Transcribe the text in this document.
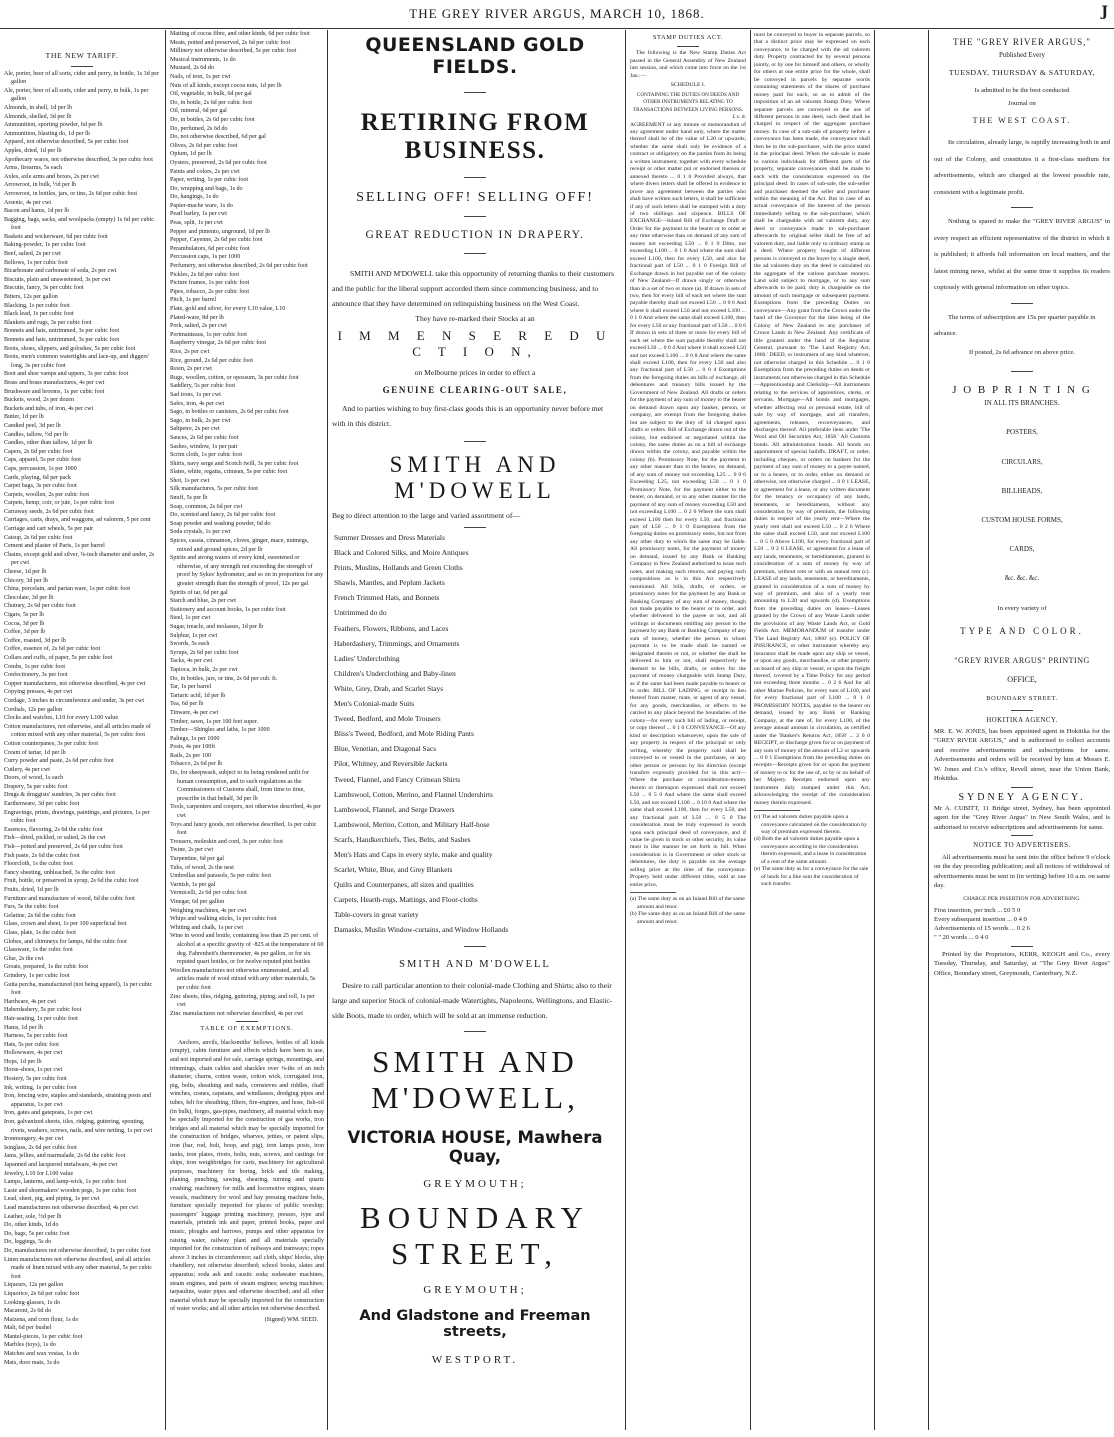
THE GREY RIVER ARGUS, MARCH 10, 1868.	J
THE NEW TARIFF.

Ale, porter, beer of all sorts, cider and perry, in bottle, 1s 3d per gallon

Ale, porter, beer of all sorts, cider and perry, in bulk, 1s per gallon

Almonds, in shell, 1d per lb

Almonds, shelled, 3d per lb

Ammunition, sporting powder, 6d per lb

Ammunition, blasting do, 1d per lb

Apparel, not otherwise described, 5s per cubic foot

Apples, dried, 1d per lb

Apothecary wares, not otherwise described, 3s per cubic foot

Arms, firearms, 5s each

Axles, axle arms and boxes, 2s per cwt

Arrowroot, in bulk, ½d per lb

Arrowroot, in bottles, jars, or tins, 2s 6d per cubic foot

Arsenic, 4s per cwt

Bacon and hams, 1d per lb

Bagging, bags, sacks, and woolpacks (empty) 1s 6d per cubic foot

Baskets and wickerware, 6d per cubic foot

Baking-powder, 1s per cubic foot

Beef, salted, 2s per cwt

Bellows, 1s per cubic foot

Bicarbonate and carbonate of soda, 2s per cwt

Biscuits, plain and unsweetened, 3s per cwt

Biscuits, fancy, 3s per cubic foot

Bitters, 12s per gallon

Blacking, 1s per cubic foot

Black lead, 1s per cubic foot

Blankets and rugs, 3s per cubic foot

Bonnets and hats, untrimmed, 3s per cubic foot

Bonnets and hats, untrimmed, 3s per cubic foot

Boots, shoes, slippers, and goloshes, 5s per cubic foot

Boots, men's common watertights and lace-up, and diggers' long, 3s per cubic foot

Boot and shoe vamps and uppers, 3s per cubic foot

Brass and brass manufactures, 4s per cwt

Brushware and brooms, 1s per cubic foot

Buckets, wood, 2s per dozen

Buckets and tubs, of iron, 4s per cwt

Butter, 1d per lb

Candied peel, 3d per lb

Candles, tallow, ½d per lb

Candles, other than tallow, 1d per lb

Capers, 2s 6d per cubic foot

Caps, apparel, 5s per cubic foot

Caps, percussion, 1s per 1000

Cards, playing, 6d per pack

Carpet bags, 3s per cubic foot

Carpets, woollen, 2s per cubic foot

Carpets, hemp, coir, or jute, 1s per cubic foot

Carraway seeds, 2s 6d per cubic foot

Carriages, carts, drays, and waggons, ad valorem, 5 per cent

Carriage and cart wheels, 5s per pair

Catsup, 2s 6d per cubic foot

Cement and plaster of Paris, 1s per barrel

Chains, except gold and silver, ⅜-inch diameter and under, 2s per cwt

Cheese, 1d per lb

Chicory, 3d per lb

China, porcelain, and parian ware, 1s per cubic foot

Chocolate, 3d per lb

Chutney, 2s 6d per cubic foot

Cigars, 5s per lb

Cocoa, 3d per lb

Coffee, 3d per lb

Coffee, roasted, 3d per lb

Coffee, essence of, 2s 6d per cubic foot

Collars and cuffs, of paper, 5s per cubic foot

Combs, 1s per cubic foot

Confectionery, 3s per foot

Copper manufactures, not otherwise described, 4s per cwt

Copying presses, 4s per cwt

Cordage, 3 inches in circumference and under, 3s per cwt

Cordials, 12s per gallon

Clocks and watches, L10 for every L100 value

Cotton manufactures, not otherwise, and all articles made of cotton mixed with any other material, 5s per cubic foot

Cotton counterpanes, 3s per cubic foot

Cream of tartar, 1d per lb

Curry powder and paste, 2s 6d per cubic foot

Cutlery, 4s per cwt

Doors, of wood, 1s each

Drapery, 5s per cubic foot

Drugs & druggists' sundries, 3s per cubic foot

Earthenware, 3d per cubic foot

Engravings, prints, drawings, paintings, and pictures, 1s per cubic foot

Essences, flavoring, 2s 6d the cubic foot

Fish—dried, pickled, or salted, 2s the cwt

Fish—potted and preserved, 2s 6d per cubic foot

Fish paste, 2s 6d the cubic foot

Floorcloth, 1s the cubic foot

Fancy sheeting, unbleached, 3s the cubic foot

Fruit, bottle, or preserved in syrup, 2s 6d the cubic foot

Fruits, dried, 1d per lb

Furniture and manufacture of wood, 6d the cubic foot

Furs, 5s the cubic foot

Gelatine, 2s 6d the cubic foot

Glass, crown and sheet, 1s per 100 superficial feet

Glass, plate, 1s the cubic foot

Globes, and chimneys for lamps, 6d the cubic foot

Glassware, 1s the cubic foot

Glue, 2s the cwt

Groats, prepared, 1s the cubic foot

Grindery, 1s per cubic foot

Gutta percha, manufactured (not being apparel), 1s per cubic foot

Hardware, 4s per cwt

Haberdashery, 5s per cubic foot

Hair-seating, 1s per cubic foot

Hams, 1d per lb

Harness, 5s per cubic foot

Hats, 5s per cubic foot

Hollowware, 4s per cwt

Hops, 1d per lb

Horse-shoes, 1s per cwt

Hosiery, 5s per cubic foot

Ink, writing, 1s per cubic foot

Iron, fencing wire, staples and standards, straining posts and apparatus, 1s per cwt

Iron, gates and gateposts, 1s per cwt

Iron, galvanized sheets, tiles, ridging, guttering, spouting, rivets, washers, screws, nails, and wire netting, 1s per cwt

Ironmongery, 4s per cwt

Isinglass, 2s 6d per cubic foot

Jams, jellies, and marmalade, 2s 6d the cubic foot

Japanned and lacquered metalware, 4s per cwt

Jewelry, L10 for L100 value

Lamps, lanterns, and lamp-wick, 1s per cubic foot

Laste and shoemakers' wooden pegs, 1s per cubic foot

Lead, sheet, pig, and piping, 1s per cwt

Lead manufactures not otherwise described, 4s per cwt

Leather, sole, ½d per lb

Do, other kinds, 1d do

Do, bags, 5s per cubic foot

Do, leggings, 5s do

Do, manufactures not otherwise described, 1s per cubic foot

Linen manufactures not otherwise described, and all articles made of linen mixed with any other material, 5s per cubic foot

Liqueurs, 12s per gallon

Liquorice, 2s 6d per cubic foot

Looking-glasses, 1s do

Macaroni, 2s 6d do

Maizena, and corn flour, 1s do

Malt, 6d per bushel

Mantel-pieces, 1s per cubic foot

Marbles (toys), 1s do

Matches and wax vestas, 1s do

Mats, door mats, 1s do

Matting of cocoa fibre, and other kinds, 6d per cubic foot

Meats, potted and preserved, 2s 6d per cubic foot

Millinery not otherwise described, 5s per cubic foot

Musical instruments, 1s do

Mustard, 2s 6d do

Nails, of iron, 1s per cwt

Nuts of all kinds, except cocoa nuts, 1d per lb

Oil, vegetable, in bulk, 6d per gal

Do, in bottle, 2s 6d per cubic foot

Oil, mineral, 6d per gal

Do, in bottles, 2s 6d per cubic foot

Do, perfumed, 2s 6d do

Do, not otherwise described, 6d per gal

Olives, 2s 6d per cubic foot

Opium, 1d per lb

Oysters, preserved, 2s 6d per cubic foot

Paints and colors, 2s per cwt

Paper, writing, 1s per cubic foot

Do, wrapping and bags, 1s do

Do, hangings, 1s do

Papier-mache ware, 1s do

Pearl barley, 1s per cwt

Peas, split, 1s per cwt

Pepper and pimento, unground, 1d per lb

Pepper, Cayenne, 2s 6d per cubic foot

Perambulators, 6d per cubic foot

Percussion caps, 1s per 1000

Perfumery, not otherwise described, 2s 6d per cubic foot

Pickles, 2s 6d per cubic foot

Picture frames, 1s per cubic foot

Pipes, tobacco, 2s per cubic foot

Pitch, 1s per barrel

Plate, gold and silver, for every L10 value, L10

Plated-ware, 8d per lb

Pork, salted, 2s per cwt

Portmanteaus, 1s per cubic foot

Raspberry vinegar, 2s 6d per cubic foot

Rice, 2s per cwt

Rice, ground, 2s 6d per cubic foot

Resin, 2s per cwt

Rugs, woollen, cotton, or opossum, 3s per cubic foot

Saddlery, 5s per cubic foot

Sad irons, 1s per cwt

Safes, iron, 4s per cwt

Sago, in bottles or canisters, 2s 6d per cubic foot

Sago, in bulk, 2s per cwt

Saltpetre, 2s per cwt

Sauces, 2s 6d per cubic foot

Sashes, window, 1s per pair

Scrim cloth, 1s per cubic foot

Shirts, navy serge and Scotch twill, 3s per cubic foot

Slates, white, regatta, crimean, 5s per cubic foot

Shot, 1s per cwt

Silk manufactures, 5s per cubic foot

Snuff, 5s per lb

Soap, common, 2s 6d per cwt

Do, scented and fancy, 2s 6d per cubic foot

Soap powder and washing powder, 6d do

Soda crystals, 1s per cwt

Spices, cassia, cinnamon, cloves, ginger, mace, nutmegs, mixed and ground spices, 2d per lb

Spirits and strong waters of every kind, sweetened or otherwise, of any strength not exceeding the strength of proof by Sykes' hydrometer, and so on in proportion for any greater strength than the strength of proof, 12s per gal

Spirits of tar, 6d per gal

Starch and blue, 2s per cwt

Stationery and account books, 1s per cubic foot

Steel, 1s per cwt

Sugar, treacle, and molasses, 1d per lb

Sulphur, 1s per cwt

Swords, 5s each

Syrups, 2s 6d per cubic foot

Tacks, 4s per cwt

Tapioca, in bulk, 2s per cwt

Do, in bottles, jars, or tins, 2s 6d per cub. ft.

Tar, 1s per barrel

Tartaric acid, 1d per lb

Tea, 6d per lb

Tinware, 4s per cwt

Timber, sawn, 1s per 100 feet super.

Timber—Shingles and laths, 1s per 1000

Palings, 1s per 1000

Posts, 4s per 100ft

Rails, 2s per 100

Tobacco, 2s 6d per lb

Do, for sheepwash, subject to its being rendered unfit for human consumption, and to such regulations as the Commissioners of Customs shall, from time to time, prescribe in that behalf, 3d per lb

Tools, carpenters and coopers, not otherwise described, 4s per cwt

Toys and fancy goods, not otherwise described, 1s per cubic foot

Trousers, moleskin and cord, 3s per cubic foot

Twine, 2s per cwt

Turpentine, 6d per gal

Tubs, of wood, 2s the nest

Umbrellas and parasols, 5s per cubic foot

Varnish, 1s per gal

Vermicelli, 2s 6d per cubic foot

Vinegar, 6d per gallon

Weighing machines, 4s per cwt

Whips and walking sticks, 1s per cubic foot

Whiting and chalk, 1s per cwt

Wine in wood and bottle, containing less than 25 per cent. of alcohol at a specific gravity of ·825 at the temperature of 60 deg. Fahrenheit's thermometer, 4s per gallon, or for six reputed quart bottles, or for twelve reputed pint bottles

Woollen manufactures not otherwise enumerated, and all articles made of wool mixed with any other materials, 5s per cubic foot

Zinc sheets, tiles, ridging, guttering, piping, and roll, 1s per cwt

Zinc manufactures not otherwise described, 4s per cwt

TABLE OF EXEMPTIONS.

Anchors, anvils, blacksmiths' bellows, bottles of all kinds (empty), cabin furniture and effects which have been in use, and not imported and for sale, carriage springs, mountings, and trimmings, chain cables and shackles over ⅜-ths of an inch diameter, churns, cotton waste, cotton wick, corrugated iron, pig, bolts, sheathing and nails, cornsieves and riddles, chaff winches, cranes, capstans, and windlasses, dredging pipes and tubes, felt for sheathing, filters, fire-engines, and hose, fish-oil (in bulk), forges, gas-pipes, machinery, all material which may be specially imported for the construction of gas works, iron bridges and all material which may be specially imported for the construction of bridges, wharves, jetties, or patent slips, iron (bar, rod, bolt, hoop, and pig), iron lamps posts, iron tanks, iron plates, rivets, bolts, nuts, screws, and castings for ships, iron weighbridges for carts, machinery for agricultural purposes, machinery for boring, brick and tile making, planing, punching, sawing, shearing, turning and quartz crushing; machinery for mills and locomotive engines, steam vessels, machinery for wool and hay pressing machine belts, furniture specially imported for places of public worship; passengers' luggage printing machinery, presses, type and materials, printink ink and paper, printed books, paper and music, ploughs and harrows, pumps and other apparatus for raising water, railway plant and all materials specially imported for the construction of railways and tramways; ropes above 3 inches in circumference; sail cloth, ships' blocks, ship chandlery, not otherwise described; school books, slates and apparatus; soda ash and caustic soda; sodawater machines, steam engines, and parts of steam engines; sewing machines; tarpaulins, water pipes and otherwise described; and all other material which may be specially imported for the construction of water works; and all other articles not otherwise described.

(Signed) WM. SEED.
QUEENSLAND GOLD FIELDS.
RETIRING FROM BUSINESS.
SELLING OFF! SELLING OFF!
GREAT REDUCTION IN DRAPERY.
SMITH AND M'DOWELL take this opportunity of returning thanks to their customers and the public for the liberal support accorded them since commencing business, and to announce that they have determined on relinquishing business on the West Coast.
They have re-marked their Stocks at an
I M M E N S E R E D U C T I O N,
on Melbourne prices in order to effect a
GENUINE CLEARING-OUT SALE,
And to parties wishing to buy first-class goods this is an opportunity never before met with in this district.
SMITH AND M'DOWELL
Beg to direct attention to the large and varied assortment of—
Summer Dresses and Dress Materials
Black and Colored Silks, and Moire Antiques
Prints, Muslins, Hollands and Green Cloths
Shawls, Mantles, and Peplum Jackets
French Trimmed Hats, and Bonnets
Untrimmed do do
Feathers, Flowers, Ribbons, and Laces
Haberdashery, Trimmings, and Ornaments
Ladies' Underclothing
Children's Underclothing and Baby-linen
White, Grey, Drab, and Scarlet Stays
Men's Colonial-made Suits
Tweed, Bedford, and Mole Trousers
Bliss's Tweed, Bedford, and Mole Riding Pants
Blue, Venetian, and Diagonal Sacs
Pilot, Whitney, and Reversible Jackets
Tweed, Flannel, and Fancy Crimean Shirts
Lambswool, Cotton, Merino, and Flannel Undershirts
Lambswool, Flannel, and Serge Drawers
Lambswool, Merino, Cotton, and Military Half-hose
Scarfs, Handkerchiefs, Ties, Belts, and Sashes
Men's Hats and Caps in every style, make and quality
Scarlet, White, Blue, and Grey Blankets
Quilts and Counterpanes, all sizes and qualities
Carpets, Hearth-rugs, Mattings, and Floor-cloths
Table-covers in great variety
Damasks, Muslin Window-curtains, and Window Hollands
SMITH AND M'DOWELL
Desire to call particular attention to their colonial-made Clothing and Shirts; also to their large and superior Stock of colonial-made Watertights, Napoleons, Wellingtons, and Elastic-side Boots, made to order, which will be sold at an immense reduction.
SMITH AND M'DOWELL,
VICTORIA HOUSE, Mawhera Quay,
GREYMOUTH;
BOUNDARY STREET,
GREYMOUTH;
And Gladstone and Freeman streets,
WESTPORT.
STAMP DUTIES ACT.

The following is the New Stamp Duties Act passed in the General Assembly of New Zealand last session, and which come into force on the 1st Jan.:—

SCHEDULE I.
CONTAINING THE DUTIES ON DEEDS AND OTHER INSTRUMENTS RELATING TO TRANSACTIONS BETWEEN LIVING PERSONS.
£ s. d.

AGREEMENT or any minute or memorandum of any agreement under hand only, where the matter thereof shall be of the value of L20 or upwards; whether the same shall only be evidence of a contract or obligatory on the parties from its being a written instrument, together with every schedule receipt or other matter put or endorsed thereon or annexed thereto ... 0 1 0 Provided always, that where divers letters shall be offered in evidence to prove any agreement between the parties who shall have written such letters, it shall be sufficient if any of such letters shall be stamped with a duty of two shillings and sixpence. BILLS OF EXCHANGE—Inland Bill of Exchange Draft or Order for the payment to the bearer or to order at any time otherwise than on demand of any sum of money not exceeding L50 ... 0 1 0 Ditto, not exceeding L100 ... 0 1 0 And where the sum shall exceed L100, then for every L50, and also for fractional part of L50 ... 0 1 0 Foreign Bill of Exchange drawn in but payable out of the colony of New Zealand—If drawn singly or otherwise than in a set of two or more (a). If drawn in sets of two, then for every bill of each set where the sum payable thereby shall not exceed L50 ... 0 0 6 And where it shall exceed L50 and not exceed L100 ... 0 1 0 And where the same shall exceed L100, then for every L50 or any fractional part of L50 ... 0 0 6 If drawn in sets of three or more for every bill of each set where the sum payable thereby shall not exceed L50 ... 0 0 4 And where it shall exceed L50 and not exceed L100 ... 0 0 8 And where the same shall exceed L100, then for every L50 and also any fractional part of L50 ... 0 0 4 Exemptions from the foregoing duties on bills of exchange, all debentures and treasury bills issued by the Government of New Zealand. All drafts or orders for the payment of any sum of money to the bearer on demand drawn upon any banker, person, or company, are exempt from the foregoing duties but are subject to the duty of 1d charged upon drafts or orders. Bill of Exchange drawn out of the colony, but endorsed or negotiated within the colony, the same duties as on a bill of exchange drawn within the colony, and payable within the colony (b). Promissory Note, for the payment in any other manner than to the bearer, on demand, of any sum of money not exceeding L25 ... 0 0 6 Exceeding L25, not exceeding L50 ... 0 1 0 Promissory Note, for the payment either to the bearer, on demand, or in any other manner for the payment of any sum of money exceeding L50 and not exceeding L100 ... 0 2 0 Where the sum shall exceed L100 then for every L50, and fractional part of L50 ... 0 1 0 Exemptions from the foregoing duties on promissory notes, but not from any other duty to which the same may be liable. All promissory notes, for the payment of money on demand, issued by any Bank or Banking Company in New Zealand authorised to issue such notes, and making such returns, and paying such compositions as is in this Act respectively mentioned. All bills, drafts, or orders, or promissory notes for the payment by any Bank or Banking Company of any sum of money, though not made payable to the bearer or to order, and whether delivered to the payee or not, and all writings or documents entitling any person to the payment by any Bank or Banking Company of any sum of money, whether the person to whom payment is to be made shall be named or designated therein or not, or whether the shall be delivered to him or not, shall respectively be deemed to be bills, drafts, or orders for the payment of money chargeable with Stamp Duty, as if the same had been made payable to bearer or to order. BILL OF LADING, or receipt in lieu thereof from master, mate, or agent of any vessel, for any goods, merchandise, or effects to be carried to any place beyond the boundaries of the colony—for every such bill of lading, or receipt, or copy thereof ... 0 1 0 CONVEYANCE—Of any kind or description whatsoever, upon the sale of any property in respect of the principal or only writing, whereby the property sold shall be conveyed to or vested in the purchaser, or any other person or persons by his direction (except transfers expressly provided for in this act)—Where the purchase or consideration-money therein or thereupon expressed shall not exceed L50 ... 0 5 0 And where the same shall exceed L50, and not exceed L100 ... 0 10 0 And where the same shall exceed L100, then for every L50, and any fractional part of L50 ... 0 5 0 The consideration must be truly expressed in words upon each principal deed of conveyance, and if value be given in stock or other security, its value must in like manner be set forth in full. When consideration is in Government or other stock or debentures, the duty is payable on the average selling price at the time of the conveyance. Property held under different titles, sold at one entire price,

(a) The same duty as on an Inland Bill of the same amount and tenor.

(b) The same duty as on an Inland Bill of the same amount and tenor.

must be conveyed to buyer in separate parcels, so that a distinct price may be expressed on each conveyance, to be charged with the ad valorem duty. Property contracted for by several persons jointly, or by one for himself and others, or wholly for others at one entire price for the whole, shall be conveyed in parcels by separate words containing statements of the shares of purchase money paid for each, so as to admit of the imposition of an ad valorem Stamp Duty. Where separate parcels are conveyed to the use of different persons in one deed, such deed shall be charged in respect of the aggregate purchase money. In case of a sub-sale of property before a conveyance has been made, the conveyance shall then be to the sub-purchaser, with the price stated in the principal deed. When the sub-sale is made to various individuals for different parts of the property, separate conveyances shall be made to each with the consideration expressed on the principal deed. In cases of sub-sale, the sub-seller and purchaser deemed the seller and purchaser within the meaning of the Act. But in case of an actual conveyance of the interest of the person immediately selling to the sub-purchaser, which shall be chargeable with ad valorem duty, any deed or conveyance made to sub-purchaser afterwards by original seller shall be free of ad valorem duty, and liable only to ordinary stamp as a deed. Where property bought of different persons is conveyed to the buyer by a single deed, the ad valorem duty on the deed is calculated on the aggregate of the various purchase moneys. Land sold subject to mortgage, or to any sum afterwards to be paid, duty is chargeable on the amount of such mortgage or subsequent payment. Exemptions from the preceding Duties on conveyance—Any grant from the Crown under the hand of the Governor for the time being of the Colony of New Zealand to any purchaser of Crown Lands in New Zealand. Any certificate of title granted under the hand of the Registrar General, pursuant to 'The Land Registry Act, 1860.' DEED, or instrument of any kind whatever, not otherwise charged in this Schedule ... 0 1 0 Exemptions from the preceding duties on deeds or instruments not otherwise charged in this Schedule—Apprenticeship and Clerkship—All instruments relating to the services of apprentices, clerks, or servants. Mortgage—All bonds and mortgages, whether affecting real or personal estate, bill of sale by way of mortgage, and all transfers, agreements, releases, reconveyances, and discharges thereof. All preferable liens under 'The Wool and Oil Securities Act, 1858.' All Customs bonds. All administration bonds. All bonds on appointment of special bailiffs. DRAFT, or order, including cheques, or orders on bankers for the payment of any sum of money to a payee named, or to a bearer, or to order, either on demand or otherwise, not otherwise charged ... 0 0 1 LEASE, or agreement for a lease, or any written document for the tenancy or occupancy of any lands, tenements, or hereditaments, without any consideration by way of premium, the following duties in respect of the yearly rent—Where the yearly rent shall not exceed L50 ... 0 2 6 Where the same shall exceed L50, and not exceed L100 ... 0 5 0 Above L100, for every fractional part of L50 ... 0 2 6 LEASE, or agreement for a lease of any lands, tenements, or hereditaments, granted in consideration of a sum of money by way of premium, without rent or with an annual rent (c). LEASE of any lands, tenements, or hereditaments, granted in consideration of a sum of money by way of premium, and also of a yearly rent amounting to L20 and upwards (d). Exemptions from the preceding duties on leases—Leases granted by the Crown of any Waste Lands under the provisions of any Waste Lands Act, or Gold Fields Act. MEMORANDUM of transfer under 'The Land Registry Act, 1860' (e). POLICY OF INSURANCE, or other instrument whereby any insurance shall be made upon any ship or vessel, or upon any goods, merchandise, or other property on board of any ship or vessel, or upon the freight thereof, covered by a Time Policy for any period not exceeding three months ... 0 2 6 And for all other Marine Policies, for every sum of L100, and for every fractional part of L100 ... 0 1 0 PROMISSORY NOTES, payable to the bearer on demand, issued by any Bank or Banking Company, at the rate of, for every L100, of the average annual amount in circulation, as certified under the 'Banker's Returns Act, 1858' ... 2 0 0 RECEIPT, or discharge given for or on payment of any sum of money of the amount of L2 or upwards ... 0 0 1 Exemptions from the preceding duties on receipts—Receipts given for or upon the payment of money to or for the use of, or by or on behalf of her Majesty. Receipts endorsed upon any instrument duly stamped under this Act, acknowledging the receipt of the consideration money therein expressed.

(c) The ad valorem duties payable upon a conveyance calculated on the consideration by way of premium expressed therein.

(d) Both the ad valorem duties payable upon a conveyance according to the consideration therein expressed, and a lease in consideration of a rent of the same amount.

(e) The same duty as for a conveyance for the sale of lands for a like sum the consideration of such transfer.

THE "GREY RIVER ARGUS,"
Published Every
TUESDAY, THURSDAY & SATURDAY,
Is admitted to be the best conducted
Journal on
THE WEST COAST.
Its circulation, already large, is rapidly increasing both in and out of the Colony, and constitutes it a first-class medium for advertisements, which are charged at the lowest possible rate, consistent with a legitimate profit.
Nothing is spared to make the "GREY RIVER ARGUS" in every respect an efficient representative of the district in which it is published; it affords full information on local matters, and the latest mining news, whilst at the same time it supplies its readers copiously with general information on other topics.
The terms of subscription are 15s per quarter payable in advance.
If posted, 2s 6d advance on above price.
J O B P R I N T I N G
IN ALL ITS BRANCHES.
POSTERS,
CIRCULARS,
BILLHEADS,
CUSTOM HOUSE FORMS,
CARDS,
&c. &c. &c.
In every variety of
TYPE AND COLOR.
"GREY RIVER ARGUS" PRINTING
OFFICE,
BOUNDARY STREET.
HOKITIKA AGENCY.
MR. E. W. JONES, has been appointed agent in Hokitika for the "GREY RIVER ARGUS," and is authorised to collect accounts and receive advertisements and subscriptions for same. Advertisements and orders will be received by him at Messrs E. W. Jones and Co.'s office, Revell street, near the Union Bank, Hokitika.
SYDNEY AGENCY.
Mr A. CUBITT, 11 Bridge street, Sydney, has been appointed agent for the "Grey River Argus" in New South Wales, and is authorised to receive subscriptions and advertisements for same.
NOTICE TO ADVERTISERS.
All advertisements must be sent into the office before 9 o'clock on the day preceding publication; and all notices of withdrawal of advertisements must be sent in (in writing) before 10 a.m. on same day.
CHARGE PER INSERTION FOR ADVERTISING.
First insertion, per inch ... £0 5 0
Every subsequent insertion ... 0 4 0
Advertisements of 15 words ... 0 2 6
" " 20 words ... 0 4 0
Printed by the Proprietors, KERR, KEOGH and Co., every Tuesday, Thursday, and Saturday, at "The Grey River Argus" Office, Boundary street, Greymouth, Canterbury, N.Z.
